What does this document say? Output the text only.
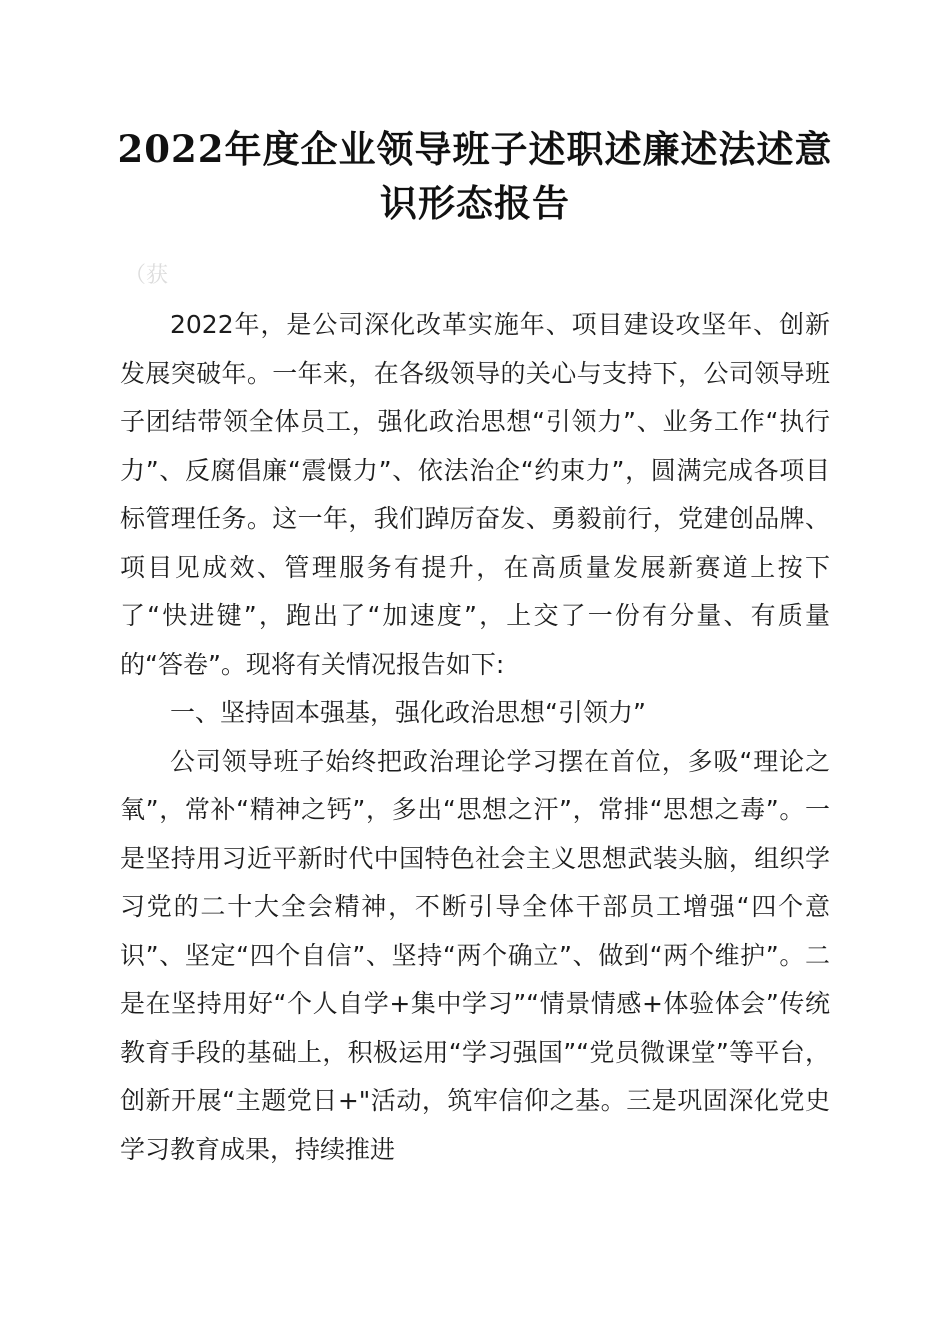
2022年度企业领导班子述职述廉述法述意识形态报告
（获

2022年，是公司深化改革实施年、项目建设攻坚年、创新发展突破年。一年来，在各级领导的关心与支持下，公司领导班子团结带领全体员工，强化政治思想“引领力”、业务工作“执行力”、反腐倡廉“震慑力”、依法治企“约束力”，圆满完成各项目标管理任务。这一年，我们踔厉奋发、勇毅前行，党建创品牌、项目见成效、管理服务有提升，在高质量发展新赛道上按下了“快进键”，跑出了“加速度”，上交了一份有分量、有质量的“答卷”。现将有关情况报告如下:

一、坚持固本强基，强化政治思想“引领力”

公司领导班子始终把政治理论学习摆在首位，多吸“理论之氧”，常补“精神之钙”，多出“思想之汗”，常排“思想之毒”。一是坚持用习近平新时代中国特色社会主义思想武装头脑，组织学习党的二十大全会精神，不断引导全体干部员工增强“四个意识”、坚定“四个自信”、坚持“两个确立”、做到“两个维护”。二是在坚持用好“个人自学+集中学习”“情景情感+体验体会”传统教育手段的基础上，积极运用“学习强国”“党员微课堂”等平台，创新开展“主题党日+"活动，筑牢信仰之基。三是巩固深化党史学习教育成果，持续推进
